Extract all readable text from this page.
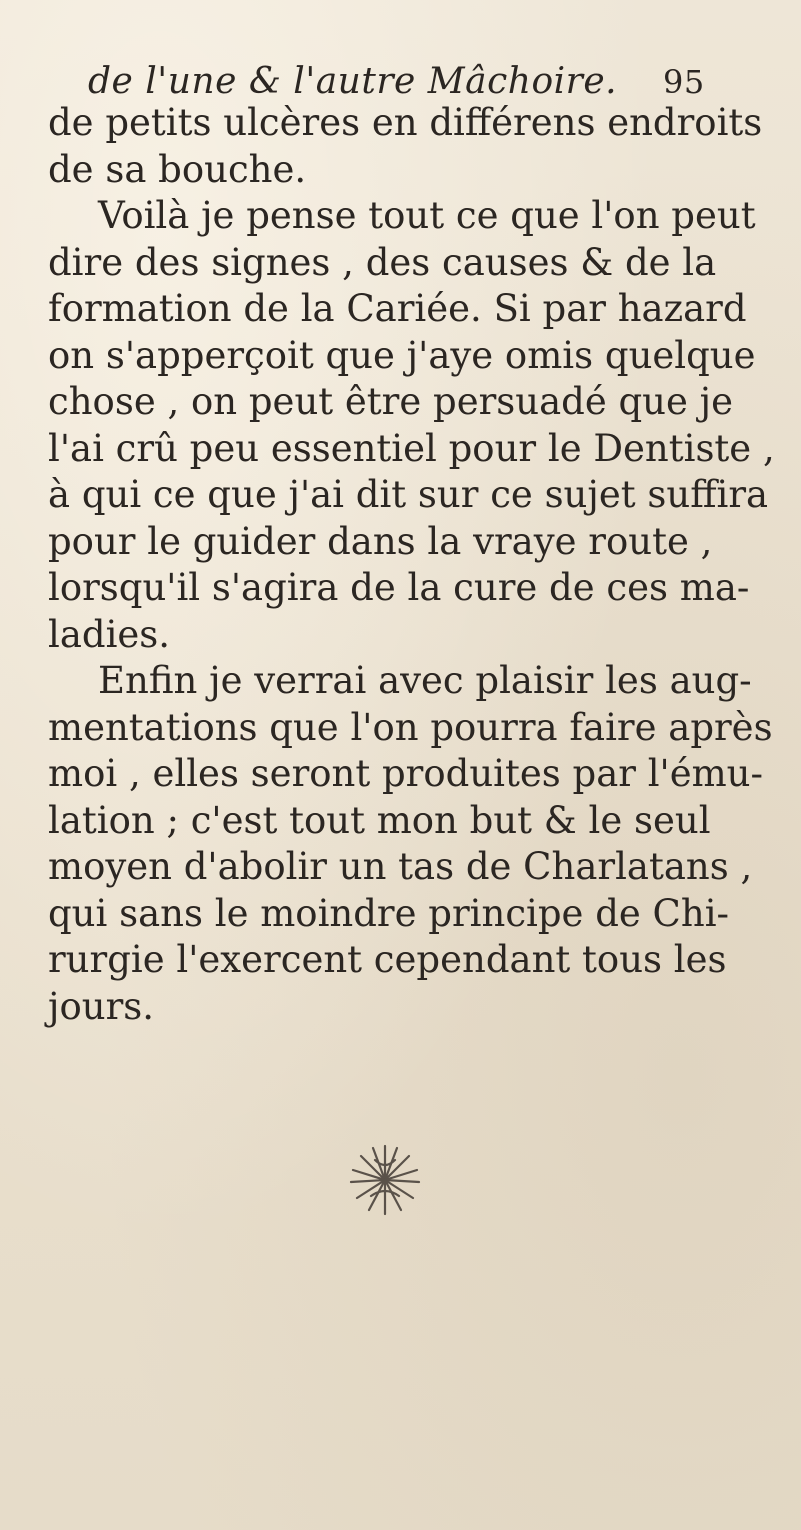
de l'une & l'autre Mâchoire. 95
de petits ulcères en différens endroits
de sa bouche.
Voilà je pense tout ce que l'on peut
dire des signes , des causes & de la
formation de la Cariée. Si par hazard
on s'apperçoit que j'aye omis quelque
chose , on peut être persuadé que je
l'ai crû peu essentiel pour le Dentiste ,
à qui ce que j'ai dit sur ce sujet suffira
pour le guider dans la vraye route ,
lorsqu'il s'agira de la cure de ces ma-
ladies.
Enfin je verrai avec plaisir les aug-
mentations que l'on pourra faire après
moi , elles seront produites par l'ému-
lation ; c'est tout mon but & le seul
moyen d'abolir un tas de Charlatans ,
qui sans le moindre principe de Chi-
rurgie l'exercent cependant tous les
jours.
